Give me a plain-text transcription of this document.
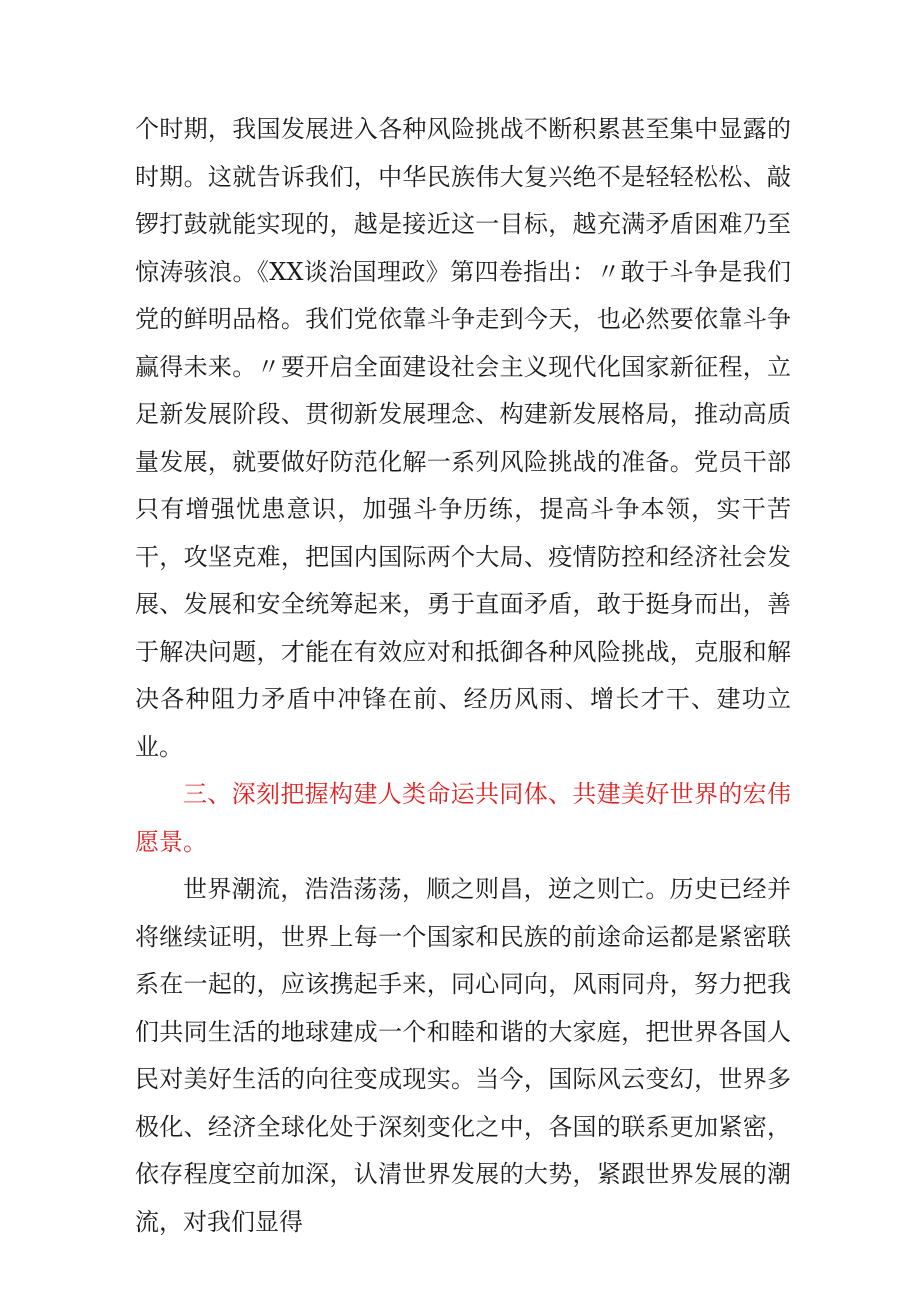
个时期，我国发展进入各种风险挑战不断积累甚至集中显露的时期。这就告诉我们，中华民族伟大复兴绝不是轻轻松松、敲锣打鼓就能实现的，越是接近这一目标，越充满矛盾困难乃至惊涛骇浪。《XX谈治国理政》第四卷指出：〃敢于斗争是我们党的鲜明品格。我们党依靠斗争走到今天，也必然要依靠斗争赢得未来。〃要开启全面建设社会主义现代化国家新征程，立足新发展阶段、贯彻新发展理念、构建新发展格局，推动高质量发展，就要做好防范化解一系列风险挑战的准备。党员干部只有增强忧患意识，加强斗争历练，提高斗争本领，实干苦干，攻坚克难，把国内国际两个大局、疫情防控和经济社会发展、发展和安全统筹起来，勇于直面矛盾，敢于挺身而出，善于解决问题，才能在有效应对和抵御各种风险挑战，克服和解决各种阻力矛盾中冲锋在前、经历风雨、增长才干、建功立业。

三、深刻把握构建人类命运共同体、共建美好世界的宏伟愿景。

世界潮流，浩浩荡荡，顺之则昌，逆之则亡。历史已经并将继续证明，世界上每一个国家和民族的前途命运都是紧密联系在一起的，应该携起手来，同心同向，风雨同舟，努力把我们共同生活的地球建成一个和睦和谐的大家庭，把世界各国人民对美好生活的向往变成现实。当今，国际风云变幻，世界多极化、经济全球化处于深刻变化之中，各国的联系更加紧密，依存程度空前加深，认清世界发展的大势，紧跟世界发展的潮流，对我们显得
